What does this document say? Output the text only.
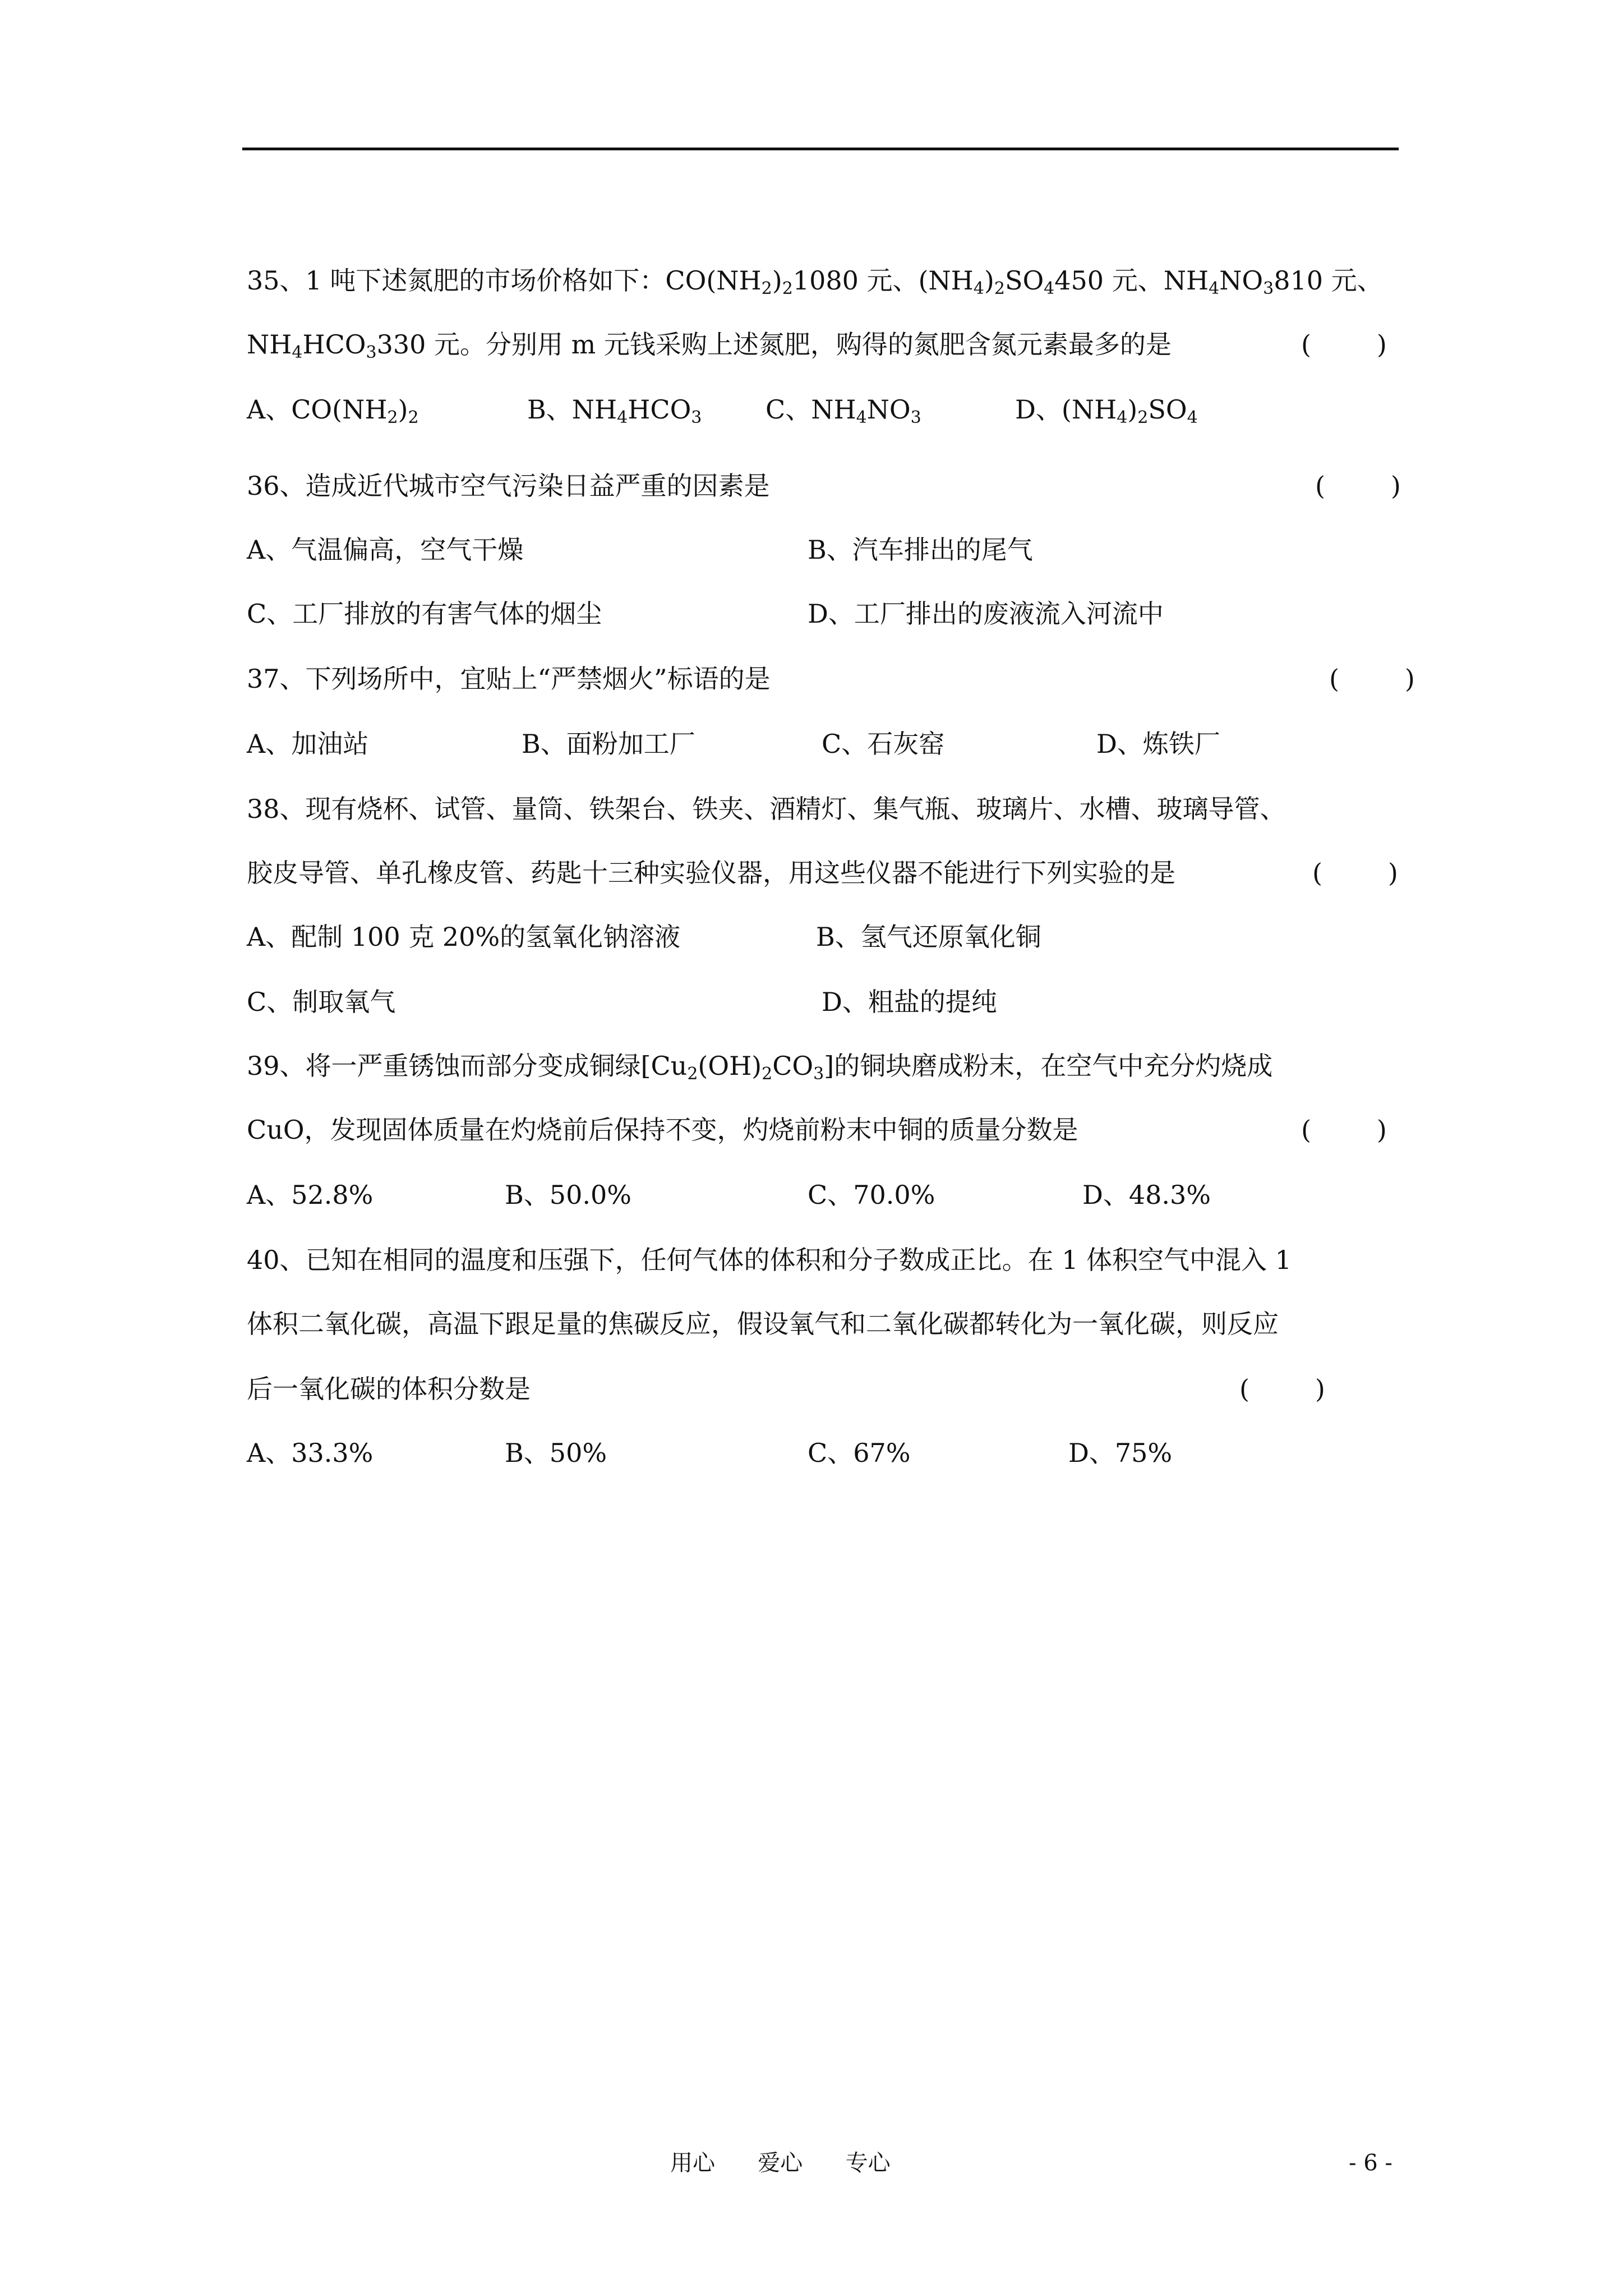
35、1 吨下述氮肥的市场价格如下：$CO(NH_2)_21080$ 元、$(NH_4)_2SO_4450$ 元、$NH_4NO_3810$ 元、
$NH_4HCO_3330$ 元。分别用 m 元钱采购上述氮肥，购得的氮肥含氮元素最多的是	(        )
A、$CO(NH_2)_2$	B、$NH_4HCO_3$ C、$NH_4NO_3$	D、$(NH_4)_2SO_4$
36、造成近代城市空气污染日益严重的因素是	(        )
A、气温偏高，空气干燥	B、汽车排出的尾气
C、工厂排放的有害气体的烟尘	D、工厂排出的废液流入河流中
37、下列场所中，宜贴上“严禁烟火”标语的是	(        )
A、加油站	B、面粉加工厂	C、石灰窑	D、炼铁厂
38、现有烧杯、试管、量筒、铁架台、铁夹、酒精灯、集气瓶、玻璃片、水槽、玻璃导管、
胶皮导管、单孔橡皮管、药匙十三种实验仪器，用这些仪器不能进行下列实验的是	(        )
A、配制 100 克 20%的氢氧化钠溶液	B、氢气还原氧化铜
C、制取氧气	D、粗盐的提纯
39、将一严重锈蚀而部分变成铜绿$[Cu_2(OH)_2CO_3]$的铜块磨成粉末，在空气中充分灼烧成
CuO，发现固体质量在灼烧前后保持不变，灼烧前粉末中铜的质量分数是	(        )
A、52.8%	B、50.0%	C、70.0%	D、48.3%
40、已知在相同的温度和压强下，任何气体的体积和分子数成正比。在 1 体积空气中混入 1
体积二氧化碳，高温下跟足量的焦碳反应，假设氧气和二氧化碳都转化为一氧化碳，则反应
后一氧化碳的体积分数是	(        )
A、33.3%	B、50%	C、67%	D、75%
用心      爱心      专心	- 6 -
